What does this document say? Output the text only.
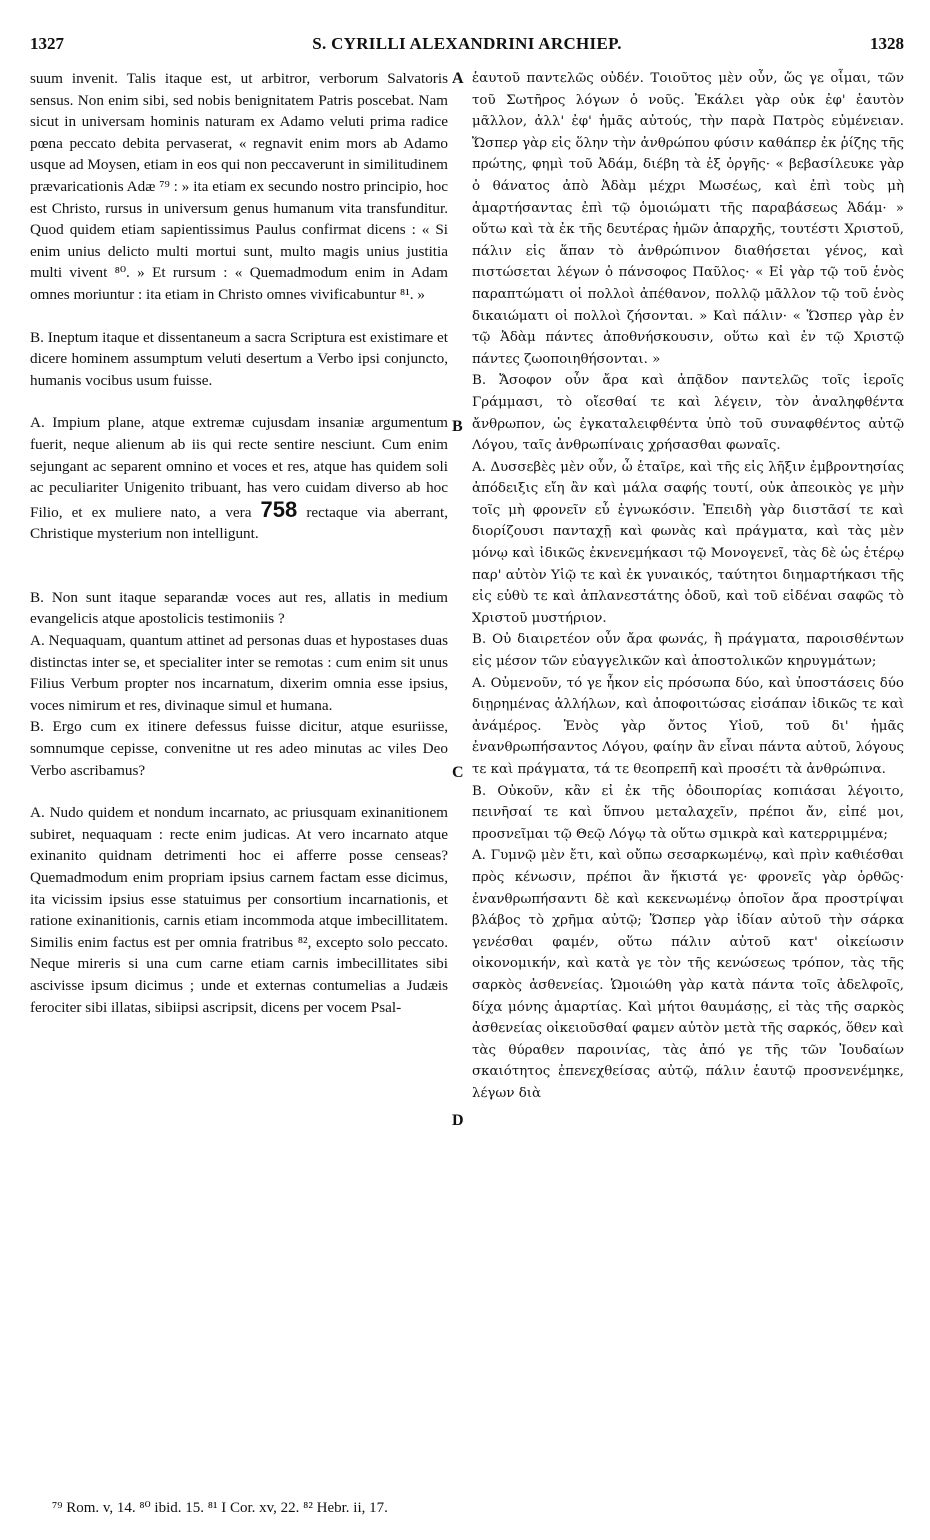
1327	S. CYRILLI ALEXANDRINI ARCHIEP.	1328
A
B
C
D

suum invenit. Talis itaque est, ut arbitror, verborum Salvatoris sensus. Non enim sibi, sed nobis benignitatem Patris poscebat. Nam sicut in universam hominis naturam ex Adamo veluti prima radice pœna peccato debita pervaserat, « regnavit enim mors ab Adamo usque ad Moysen, etiam in eos qui non peccaverunt in similitudinem prævaricationis Adæ ⁷⁹ : » ita etiam ex secundo nostro principio, hoc est Christo, rursus in universum genus humanum vita transfunditur. Quod quidem etiam sapientissimus Paulus confirmat dicens : « Si enim unius delicto multi mortui sunt, multo magis unius justitia multi vivent ⁸⁰. » Et rursum : « Quemadmodum enim in Adam omnes moriuntur : ita etiam in Christo omnes vivificabuntur ⁸¹. »

B. Ineptum itaque et dissentaneum a sacra Scriptura est existimare et dicere hominem assumptum veluti desertum a Verbo ipsi conjuncto, humanis vocibus usum fuisse.

A. Impium plane, atque extremæ cujusdam insaniæ argumentum fuerit, neque alienum ab iis qui recte sentire nesciunt. Cum enim sejungant ac separent omnino et voces et res, atque has quidem soli ac peculiariter Unigenito tribuant, has vero cuidam diverso ab hoc Filio, et ex muliere nato, a vera 758 rectaque via aberrant, Christique mysterium non intelligunt.

B. Non sunt itaque separandæ voces aut res, allatis in medium evangelicis atque apostolicis testimoniis ?

A. Nequaquam, quantum attinet ad personas duas et hypostases duas distinctas inter se, et specialiter inter se remotas : cum enim sit unus Filius Verbum propter nos incarnatum, dixerim omnia esse ipsius, voces nimirum et res, divinaque simul et humana.

B. Ergo cum ex itinere defessus fuisse dicitur, atque esuriisse, somnumque cepisse, convenitne ut res adeo minutas ac viles Deo Verbo ascribamus?

A. Nudo quidem et nondum incarnato, ac priusquam exinanitionem subiret, nequaquam : recte enim judicas. At vero incarnato atque exinanito quidnam detrimenti hoc ei afferre posse censeas? Quemadmodum enim propriam ipsius carnem factam esse dicimus, ita vicissim ipsius esse statuimus per consortium incarnationis, et ratione exinanitionis, carnis etiam incommoda atque imbecillitatem. Similis enim factus est per omnia fratribus ⁸², excepto solo peccato. Neque mireris si una cum carne etiam carnis imbecillitates sibi ascivisse ipsum dicimus ; unde et externas contumelias a Judæis ferociter sibi illatas, sibiipsi ascripsit, dicens per vocem Psal-

ἑαυτοῦ παντελῶς οὐδέν. Τοιοῦτος μὲν οὖν, ὥς γε οἶμαι, τῶν τοῦ Σωτῆρος λόγων ὁ νοῦς. Ἐκάλει γὰρ οὐκ ἐφ' ἑαυτὸν μᾶλλον, ἀλλ' ἐφ' ἡμᾶς αὐτούς, τὴν παρὰ Πατρὸς εὐμένειαν. Ὥσπερ γὰρ εἰς ὅλην τὴν ἀνθρώπου φύσιν καθάπερ ἐκ ῥίζης τῆς πρώτης, φημὶ τοῦ Ἀδάμ, διέβη τὰ ἐξ ὀργῆς· « βεβασίλευκε γὰρ ὁ θάνατος ἀπὸ Ἀδὰμ μέχρι Μωσέως, καὶ ἐπὶ τοὺς μὴ ἁμαρτήσαντας ἐπὶ τῷ ὁμοιώματι τῆς παραβάσεως Ἀδάμ· » οὕτω καὶ τὰ ἐκ τῆς δευτέρας ἡμῶν ἀπαρχῆς, τουτέστι Χριστοῦ, πάλιν εἰς ἅπαν τὸ ἀνθρώπινον διαθήσεται γένος, καὶ πιστώσεται λέγων ὁ πάνσοφος Παῦλος· « Εἰ γὰρ τῷ τοῦ ἑνὸς παραπτώματι οἱ πολλοὶ ἀπέθανον, πολλῷ μᾶλλον τῷ τοῦ ἑνὸς δικαιώματι οἱ πολλοὶ ζήσονται. » Καὶ πάλιν· « Ὥσπερ γὰρ ἐν τῷ Ἀδὰμ πάντες ἀποθνήσκουσιν, οὕτω καὶ ἐν τῷ Χριστῷ πάντες ζωοποιηθήσονται. »

Β. Ἄσοφον οὖν ἄρα καὶ ἀπᾷδον παντελῶς τοῖς ἱεροῖς Γράμμασι, τὸ οἴεσθαί τε καὶ λέγειν, τὸν ἀναληφθέντα ἄνθρωπον, ὡς ἐγκαταλειφθέντα ὑπὸ τοῦ συναφθέντος αὐτῷ Λόγου, ταῖς ἀνθρωπίναις χρήσασθαι φωναῖς.

Α. Δυσσεβὲς μὲν οὖν, ὦ ἑταῖρε, καὶ τῆς εἰς λῆξιν ἐμβροντησίας ἀπόδειξις εἴη ἂν καὶ μάλα σαφής τουτί, οὐκ ἀπεοικὸς γε μὴν τοῖς μὴ φρονεῖν εὖ ἐγνωκόσιν. Ἐπειδὴ γὰρ διιστᾶσί τε καὶ διορίζουσι πανταχῇ καὶ φωνὰς καὶ πράγματα, καὶ τὰς μὲν μόνῳ καὶ ἰδικῶς ἐκνενεμήκασι τῷ Μονογενεῖ, τὰς δὲ ὡς ἑτέρῳ παρ' αὐτὸν Υἱῷ τε καὶ ἐκ γυναικός, ταύτητοι διημαρτήκασι τῆς εἰς εὐθὺ τε καὶ ἀπλανεστάτης ὁδοῦ, καὶ τοῦ εἰδέναι σαφῶς τὸ Χριστοῦ μυστήριον.

Β. Οὐ διαιρετέον οὖν ἄρα φωνάς, ἢ πράγματα, παροισθέντων εἰς μέσον τῶν εὐαγγελικῶν καὶ ἀποστολικῶν κηρυγμάτων;

Α. Οὐμενοῦν, τό γε ἧκον εἰς πρόσωπα δύο, καὶ ὑποστάσεις δύο διῃρημένας ἀλλήλων, καὶ ἀποφοιτώσας εἰσάπαν ἰδικῶς τε καὶ ἀνάμέρος. Ἑνὸς γὰρ ὄντος Υἱοῦ, τοῦ δι' ἡμᾶς ἐνανθρωπήσαντος Λόγου, φαίην ἂν εἶναι πάντα αὐτοῦ, λόγους τε καὶ πράγματα, τά τε θεοπρεπῆ καὶ προσέτι τὰ ἀνθρώπινα.

Β. Οὐκοῦν, κἂν εἰ ἐκ τῆς ὁδοιπορίας κοπιάσαι λέγοιτο, πεινῆσαί τε καὶ ὕπνου μεταλαχεῖν, πρέποι ἄν, εἰπέ μοι, προσνεῖμαι τῷ Θεῷ Λόγῳ τὰ οὕτω σμικρὰ καὶ κατερριμμένα;

Α. Γυμνῷ μὲν ἔτι, καὶ οὔπω σεσαρκωμένῳ, καὶ πρὶν καθιέσθαι πρὸς κένωσιν, πρέποι ἂν ἥκιστά γε· φρονεῖς γὰρ ὀρθῶς· ἐνανθρωπήσαντι δὲ καὶ κεκενωμένῳ ὁποῖον ἄρα προστρίψαι βλάβος τὸ χρῆμα αὐτῷ; Ὥσπερ γὰρ ἰδίαν αὐτοῦ τὴν σάρκα γενέσθαι φαμέν, οὕτω πάλιν αὐτοῦ κατ' οἰκείωσιν οἰκονομικήν, καὶ κατὰ γε τὸν τῆς κενώσεως τρόπον, τὰς τῆς σαρκὸς ἀσθενείας. Ὡμοιώθη γὰρ κατὰ πάντα τοῖς ἀδελφοῖς, δίχα μόνης ἁμαρτίας. Καὶ μήτοι θαυμάσῃς, εἰ τὰς τῆς σαρκὸς ἀσθενείας οἰκειοῦσθαί φαμεν αὐτὸν μετὰ τῆς σαρκός, ὅθεν καὶ τὰς θύραθεν παροινίας, τὰς ἀπό γε τῆς τῶν Ἰουδαίων σκαιότητος ἐπενεχθείσας αὐτῷ, πάλιν ἑαυτῷ προσνενέμηκε, λέγων διὰ

⁷⁹ Rom. v, 14. ⁸⁰ ibid. 15. ⁸¹ I Cor. xv, 22. ⁸² Hebr. ii, 17.
